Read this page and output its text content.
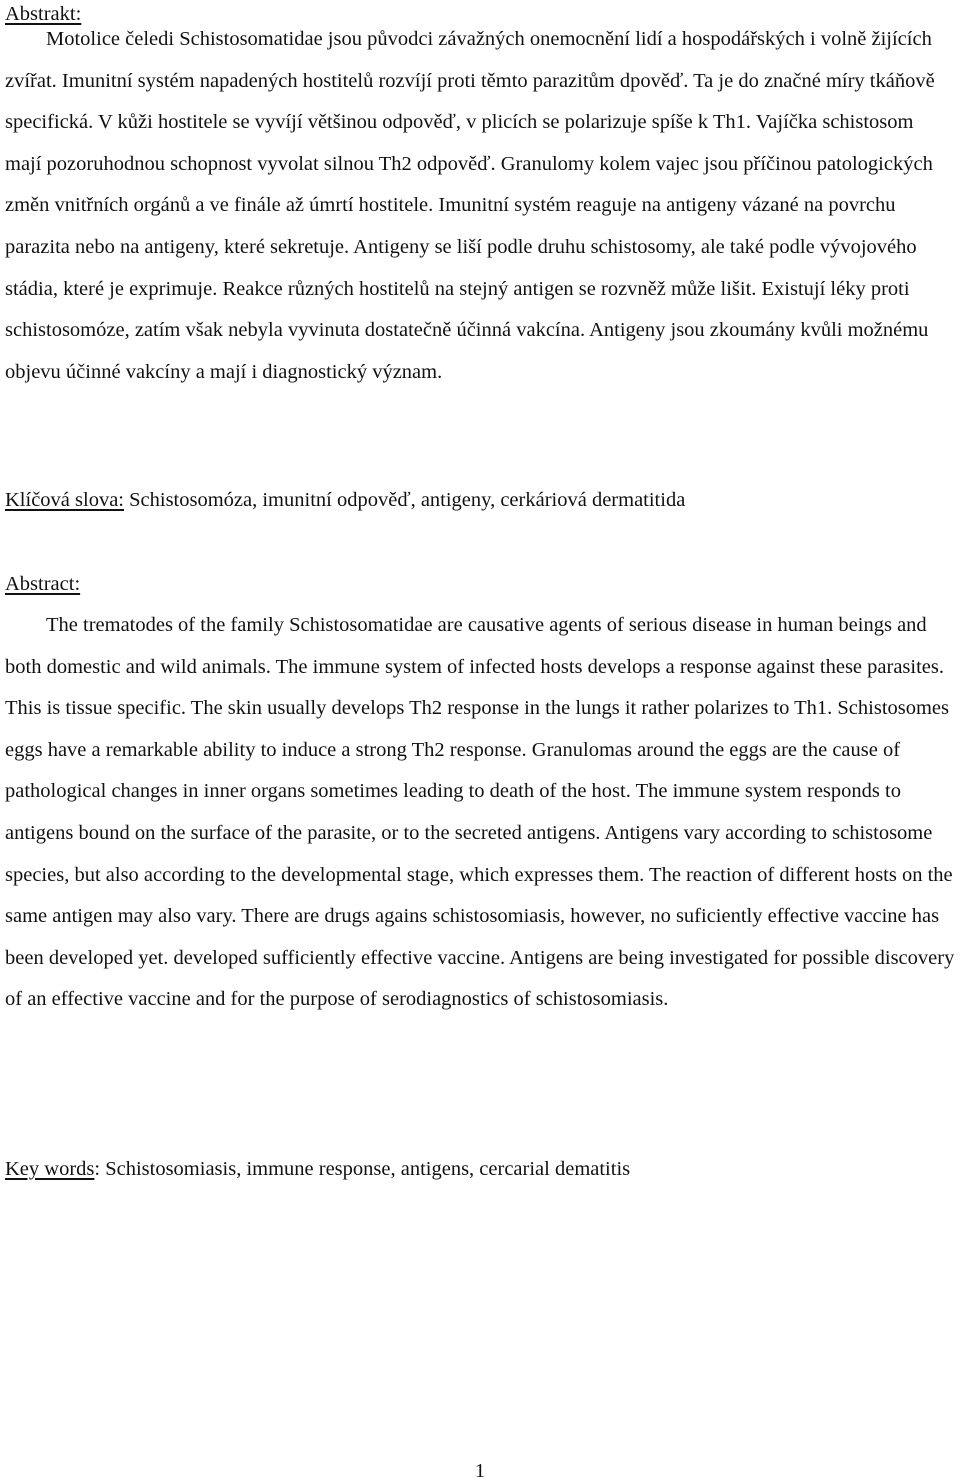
Abstrakt:

Motolice čeledi Schistosomatidae jsou původci závažných onemocnění lidí a hospodářských i volně žijících zvířat. Imunitní systém napadených hostitelů rozvíjí proti těmto parazitům dpověď. Ta je do značné míry tkáňově specifická. V kůži hostitele se vyvíjí většinou odpověď, v plicích se polarizuje spíše k Th1. Vajíčka schistosom mají pozoruhodnou schopnost vyvolat silnou Th2 odpověď. Granulomy kolem vajec jsou příčinou patologických změn vnitřních orgánů a ve finále až úmrtí hostitele. Imunitní systém reaguje na antigeny vázané na povrchu parazita nebo na antigeny, které sekretuje. Antigeny se liší podle druhu schistosomy, ale také podle vývojového stádia, které je exprimuje. Reakce různých hostitelů na stejný antigen se rozvněž může lišit. Existují léky proti schistosomóze, zatím však nebyla vyvinuta dostatečně účinná vakcína. Antigeny jsou zkoumány kvůli možnému objevu účinné vakcíny a mají i diagnostický význam.

Klíčová slova: Schistosomóza, imunitní odpověď, antigeny, cerkáriová dermatitida
Abstract:

The trematodes of the family Schistosomatidae are causative agents of serious disease in human beings and both domestic and wild animals. The immune system of infected hosts develops a response against these parasites. This is tissue specific. The skin usually develops Th2 response in the lungs it rather polarizes to Th1. Schistosomes eggs have a remarkable ability to induce a strong Th2 response. Granulomas around the eggs are the cause of pathological changes in inner organs sometimes leading to death of the host. The immune system responds to antigens bound on the surface of the parasite, or to the secreted antigens. Antigens vary according to schistosome species, but also according to the developmental stage, which expresses them. The reaction of different hosts on the same antigen may also vary. There are drugs agains schistosomiasis, however, no suficiently effective vaccine has been developed yet. developed sufficiently effective vaccine. Antigens are being investigated for possible discovery of an effective vaccine and for the purpose of serodiagnostics of schistosomiasis.

Key words: Schistosomiasis, immune response, antigens, cercarial dematitis
1
